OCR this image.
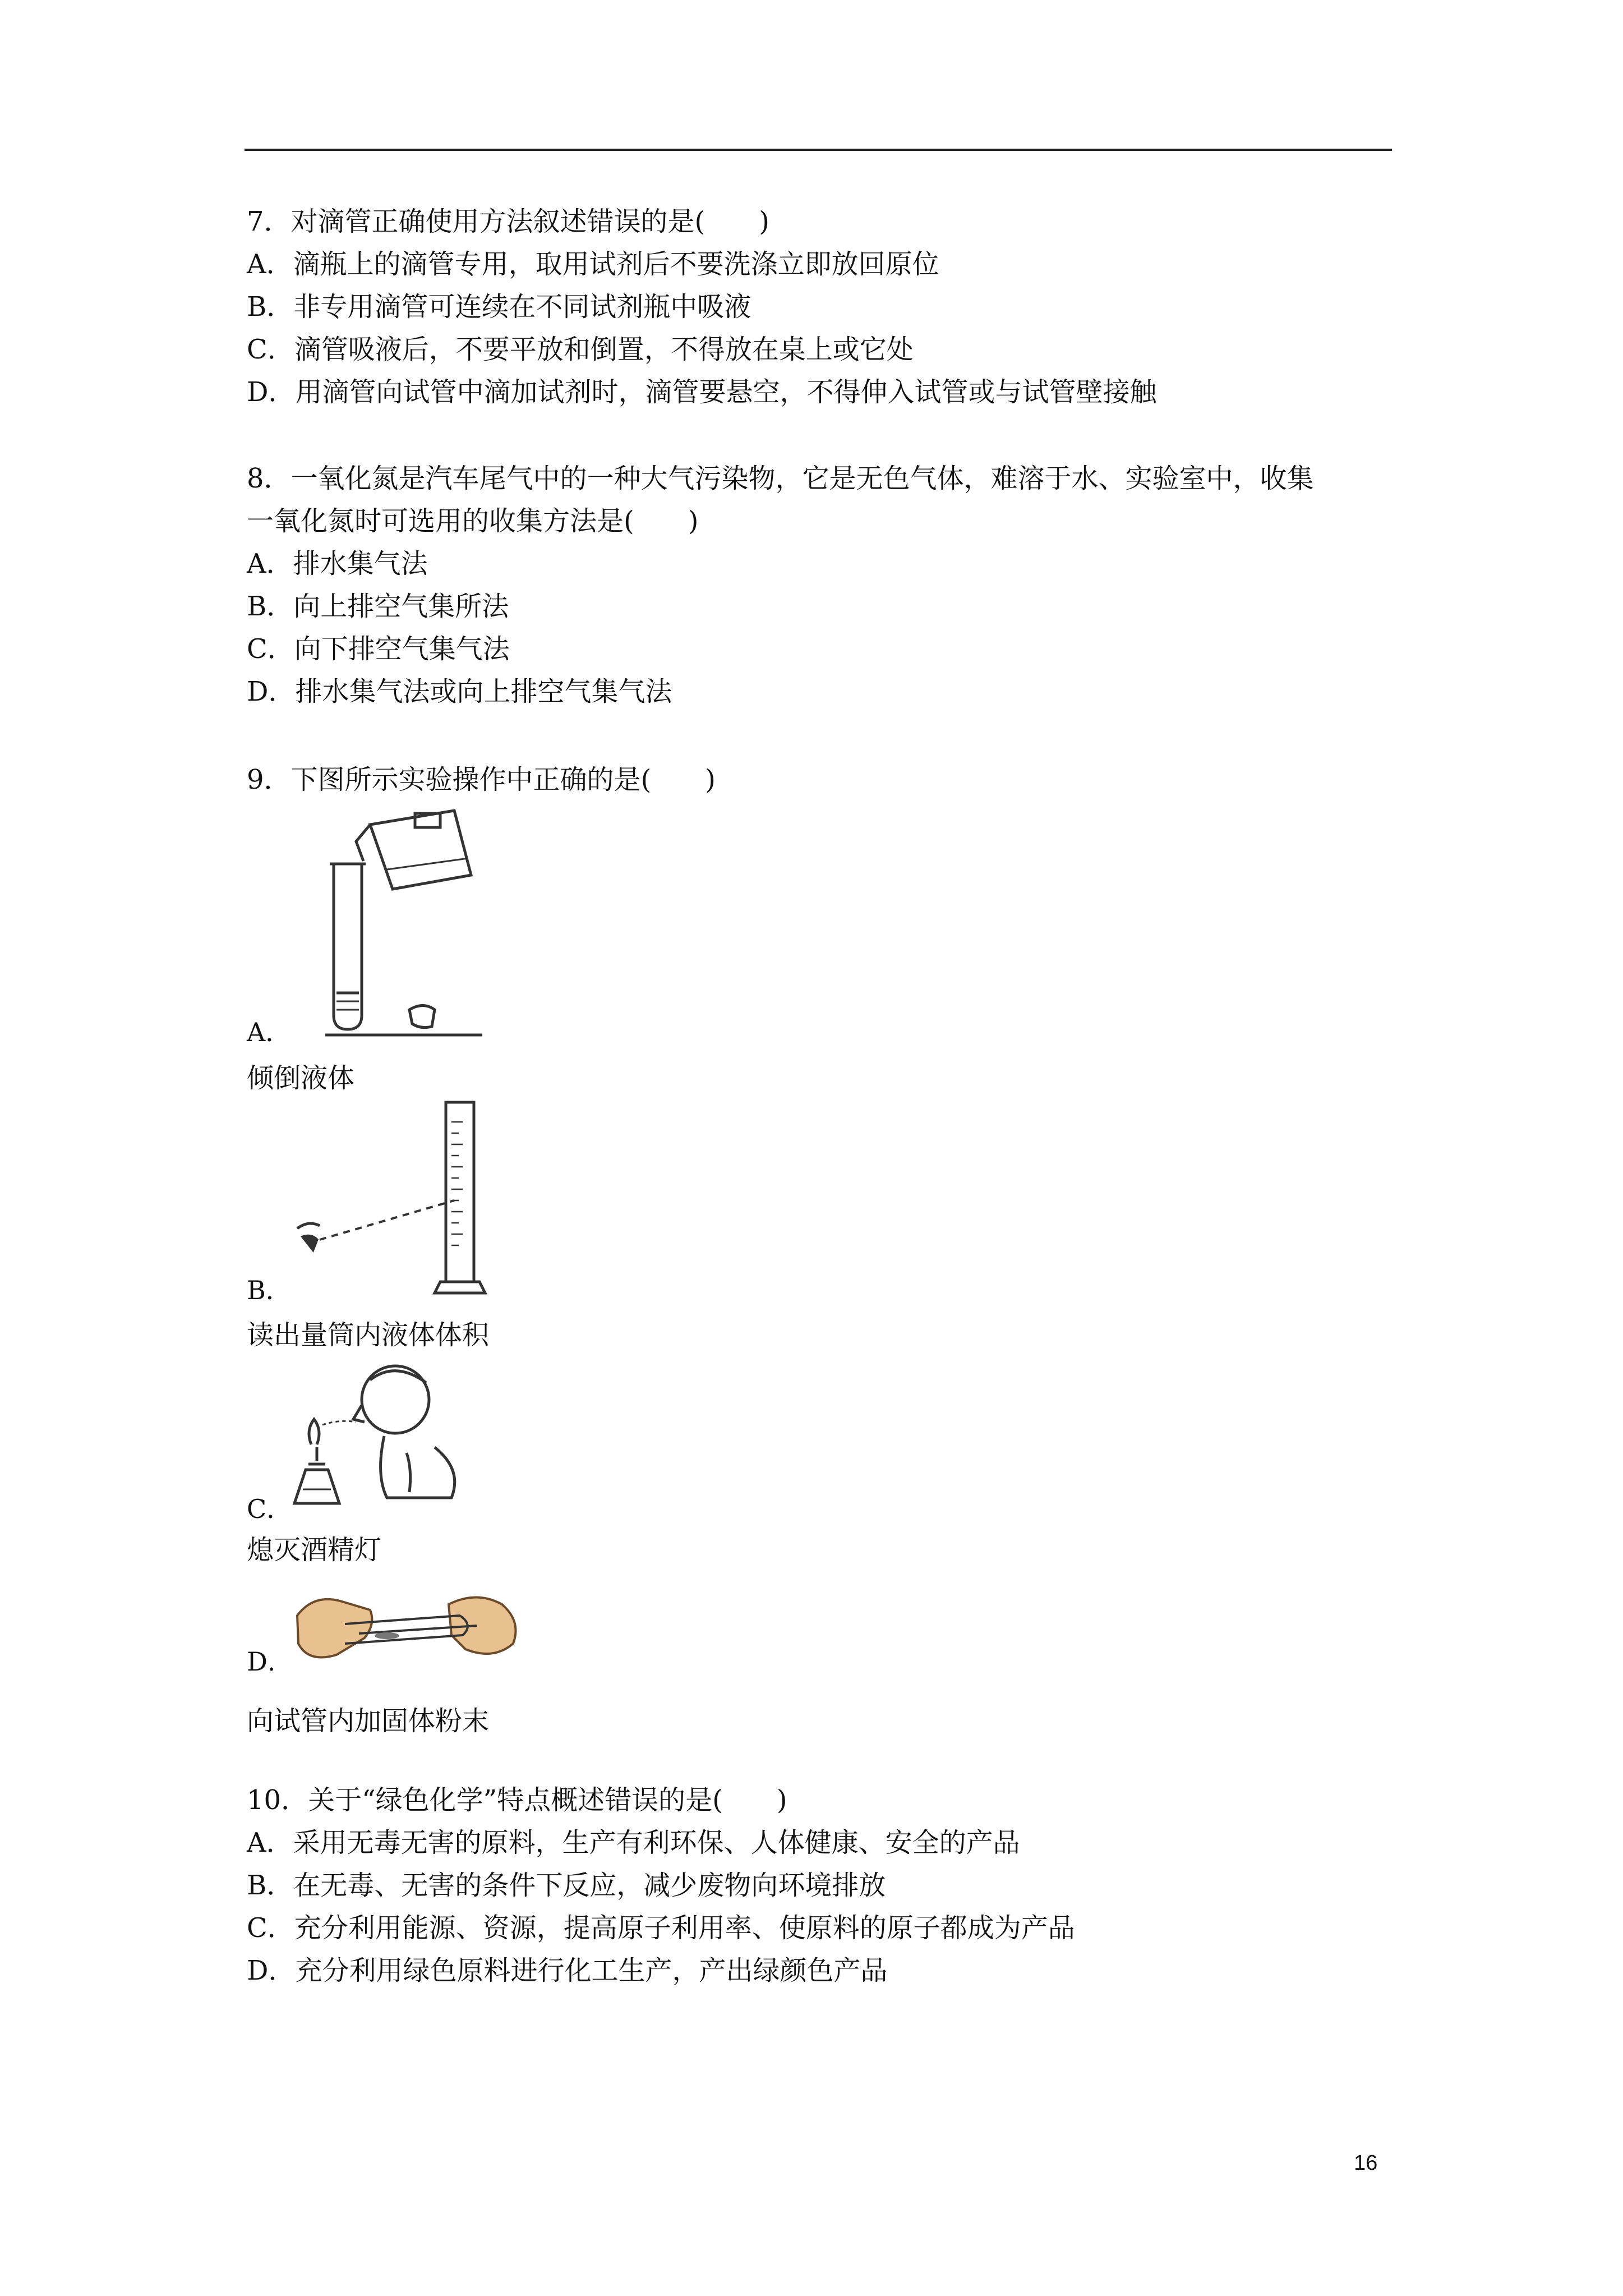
7．对滴管正确使用方法叙述错误的是(　　)
A．滴瓶上的滴管专用，取用试剂后不要洗涤立即放回原位
B．非专用滴管可连续在不同试剂瓶中吸液
C．滴管吸液后，不要平放和倒置，不得放在桌上或它处
D．用滴管向试管中滴加试剂时，滴管要悬空，不得伸入试管或与试管壁接触
8．一氧化氮是汽车尾气中的一种大气污染物，它是无色气体，难溶于水、实验室中，收集
一氧化氮时可选用的收集方法是(　　)
A．排水集气法
B．向上排空气集所法
C．向下排空气集气法
D．排水集气法或向上排空气集气法
9．下图所示实验操作中正确的是(　　)
A．
倾倒液体
B．
读出量筒内液体体积
C．
熄灭酒精灯
D．
向试管内加固体粉末
10．关于“绿色化学”特点概述错误的是(　　)
A．采用无毒无害的原料，生产有利环保、人体健康、安全的产品
B．在无毒、无害的条件下反应，减少废物向环境排放
C．充分利用能源、资源，提高原子利用率、使原料的原子都成为产品
D．充分利用绿色原料进行化工生产，产出绿颜色产品
16
